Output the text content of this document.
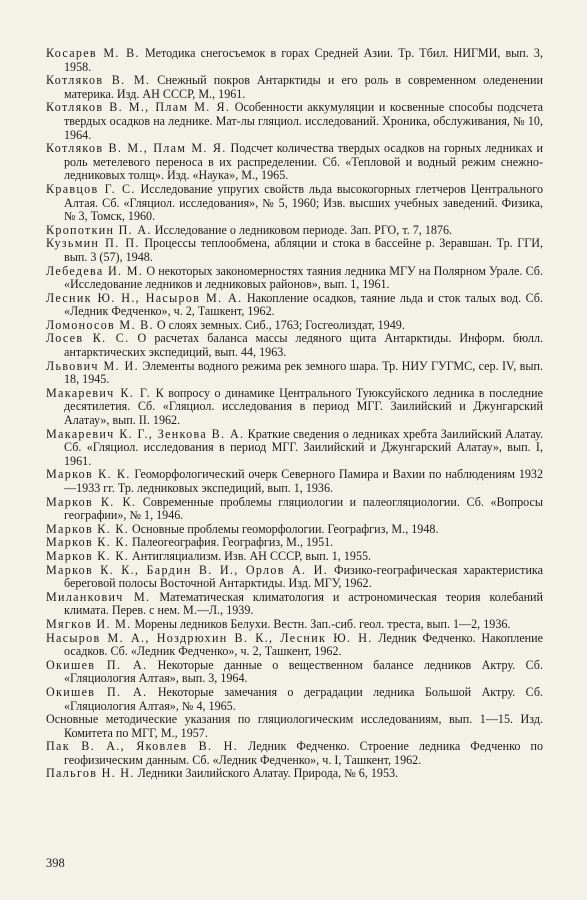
Косарев М. В. Методика снегосъемок в горах Средней Азии. Тр. Тбил. НИГМИ, вып. 3, 1958.
Котляков В. М. Снежный покров Антарктиды и его роль в современном оледенении материка. Изд. АН СССР, М., 1961.
Котляков В. М., Плам М. Я. Особенности аккумуляции и косвенные способы подсчета твердых осадков на леднике. Мат-лы гляциол. исследований. Хроника, обслуживания, № 10, 1964.
Котляков В. М., Плам М. Я. Подсчет количества твердых осадков на горных ледниках и роль метелевого переноса в их распределении. Сб. «Тепловой и водный режим снежно-ледниковых толщ». Изд. «Наука», М., 1965.
Кравцов Г. С. Исследование упругих свойств льда высокогорных глетчеров Центрального Алтая. Сб. «Гляциол. исследования», № 5, 1960; Изв. высших учебных заведений. Физика, № 3, Томск, 1960.
Кропоткин П. А. Исследование о ледниковом периоде. Зап. РГО, т. 7, 1876.
Кузьмин П. П. Процессы теплообмена, абляции и стока в бассейне р. Зеравшан. Тр. ГГИ, вып. 3 (57), 1948.
Лебедева И. М. О некоторых закономерностях таяния ледника МГУ на Полярном Урале. Сб. «Исследование ледников и ледниковых районов», вып. 1, 1961.
Лесник Ю. Н., Насыров М. А. Накопление осадков, таяние льда и сток талых вод. Сб. «Ледник Федченко», ч. 2, Ташкент, 1962.
Ломоносов М. В. О слоях земных. Сиб., 1763; Госгеолиздат, 1949.
Лосев К. С. О расчетах баланса массы ледяного щита Антарктиды. Информ. бюлл. антарктических экспедиций, вып. 44, 1963.
Львович М. И. Элементы водного режима рек земного шара. Тр. НИУ ГУГМС, сер. IV, вып. 18, 1945.
Макаревич К. Г. К вопросу о динамике Центрального Туюксуйского ледника в последние десятилетия. Сб. «Гляциол. исследования в период МГГ. Заилийский и Джунгарский Алатау», вып. II. 1962.
Макаревич К. Г., Зенкова В. А. Краткие сведения о ледниках хребта Заилийский Алатау. Сб. «Гляциол. исследования в период МГГ. Заилийский и Джунгарский Алатау», вып. I, 1961.
Марков К. К. Геоморфологический очерк Северного Памира и Вахии по наблюдениям 1932—1933 гг. Тр. ледниковых экспедиций, вып. 1, 1936.
Марков К. К. Современные проблемы гляциологии и палеогляциологии. Сб. «Вопросы географии», № 1, 1946.
Марков К. К. Основные проблемы геоморфологии. Географгиз, М., 1948.
Марков К. К. Палеогеография. Географгиз, М., 1951.
Марков К. К. Антигляциализм. Изв. АН СССР, вып. 1, 1955.
Марков К. К., Бардин В. И., Орлов А. И. Физико-географическая характеристика береговой полосы Восточной Антарктиды. Изд. МГУ, 1962.
Миланкович М. Математическая климатология и астрономическая теория колебаний климата. Перев. с нем. М.—Л., 1939.
Мягков И. М. Морены ледников Белухи. Вестн. Зап.-сиб. геол. треста, вып. 1—2, 1936.
Насыров М. А., Ноздрюхин В. К., Лесник Ю. Н. Ледник Федченко. Накопление осадков. Сб. «Ледник Федченко», ч. 2, Ташкент, 1962.
Окишев П. А. Некоторые данные о вещественном балансе ледников Актру. Сб. «Гляциология Алтая», вып. 3, 1964.
Окишев П. А. Некоторые замечания о деградации ледника Большой Актру. Сб. «Гляциология Алтая», № 4, 1965.
Основные методические указания по гляциологическим исследованиям, вып. 1—15. Изд. Комитета по МГГ, М., 1957.
Пак В. А., Яковлев В. Н. Ледник Федченко. Строение ледника Федченко по геофизическим данным. Сб. «Ледник Федченко», ч. I, Ташкент, 1962.
Пальгов Н. Н. Ледники Заилийского Алатау. Природа, № 6, 1953.
398
